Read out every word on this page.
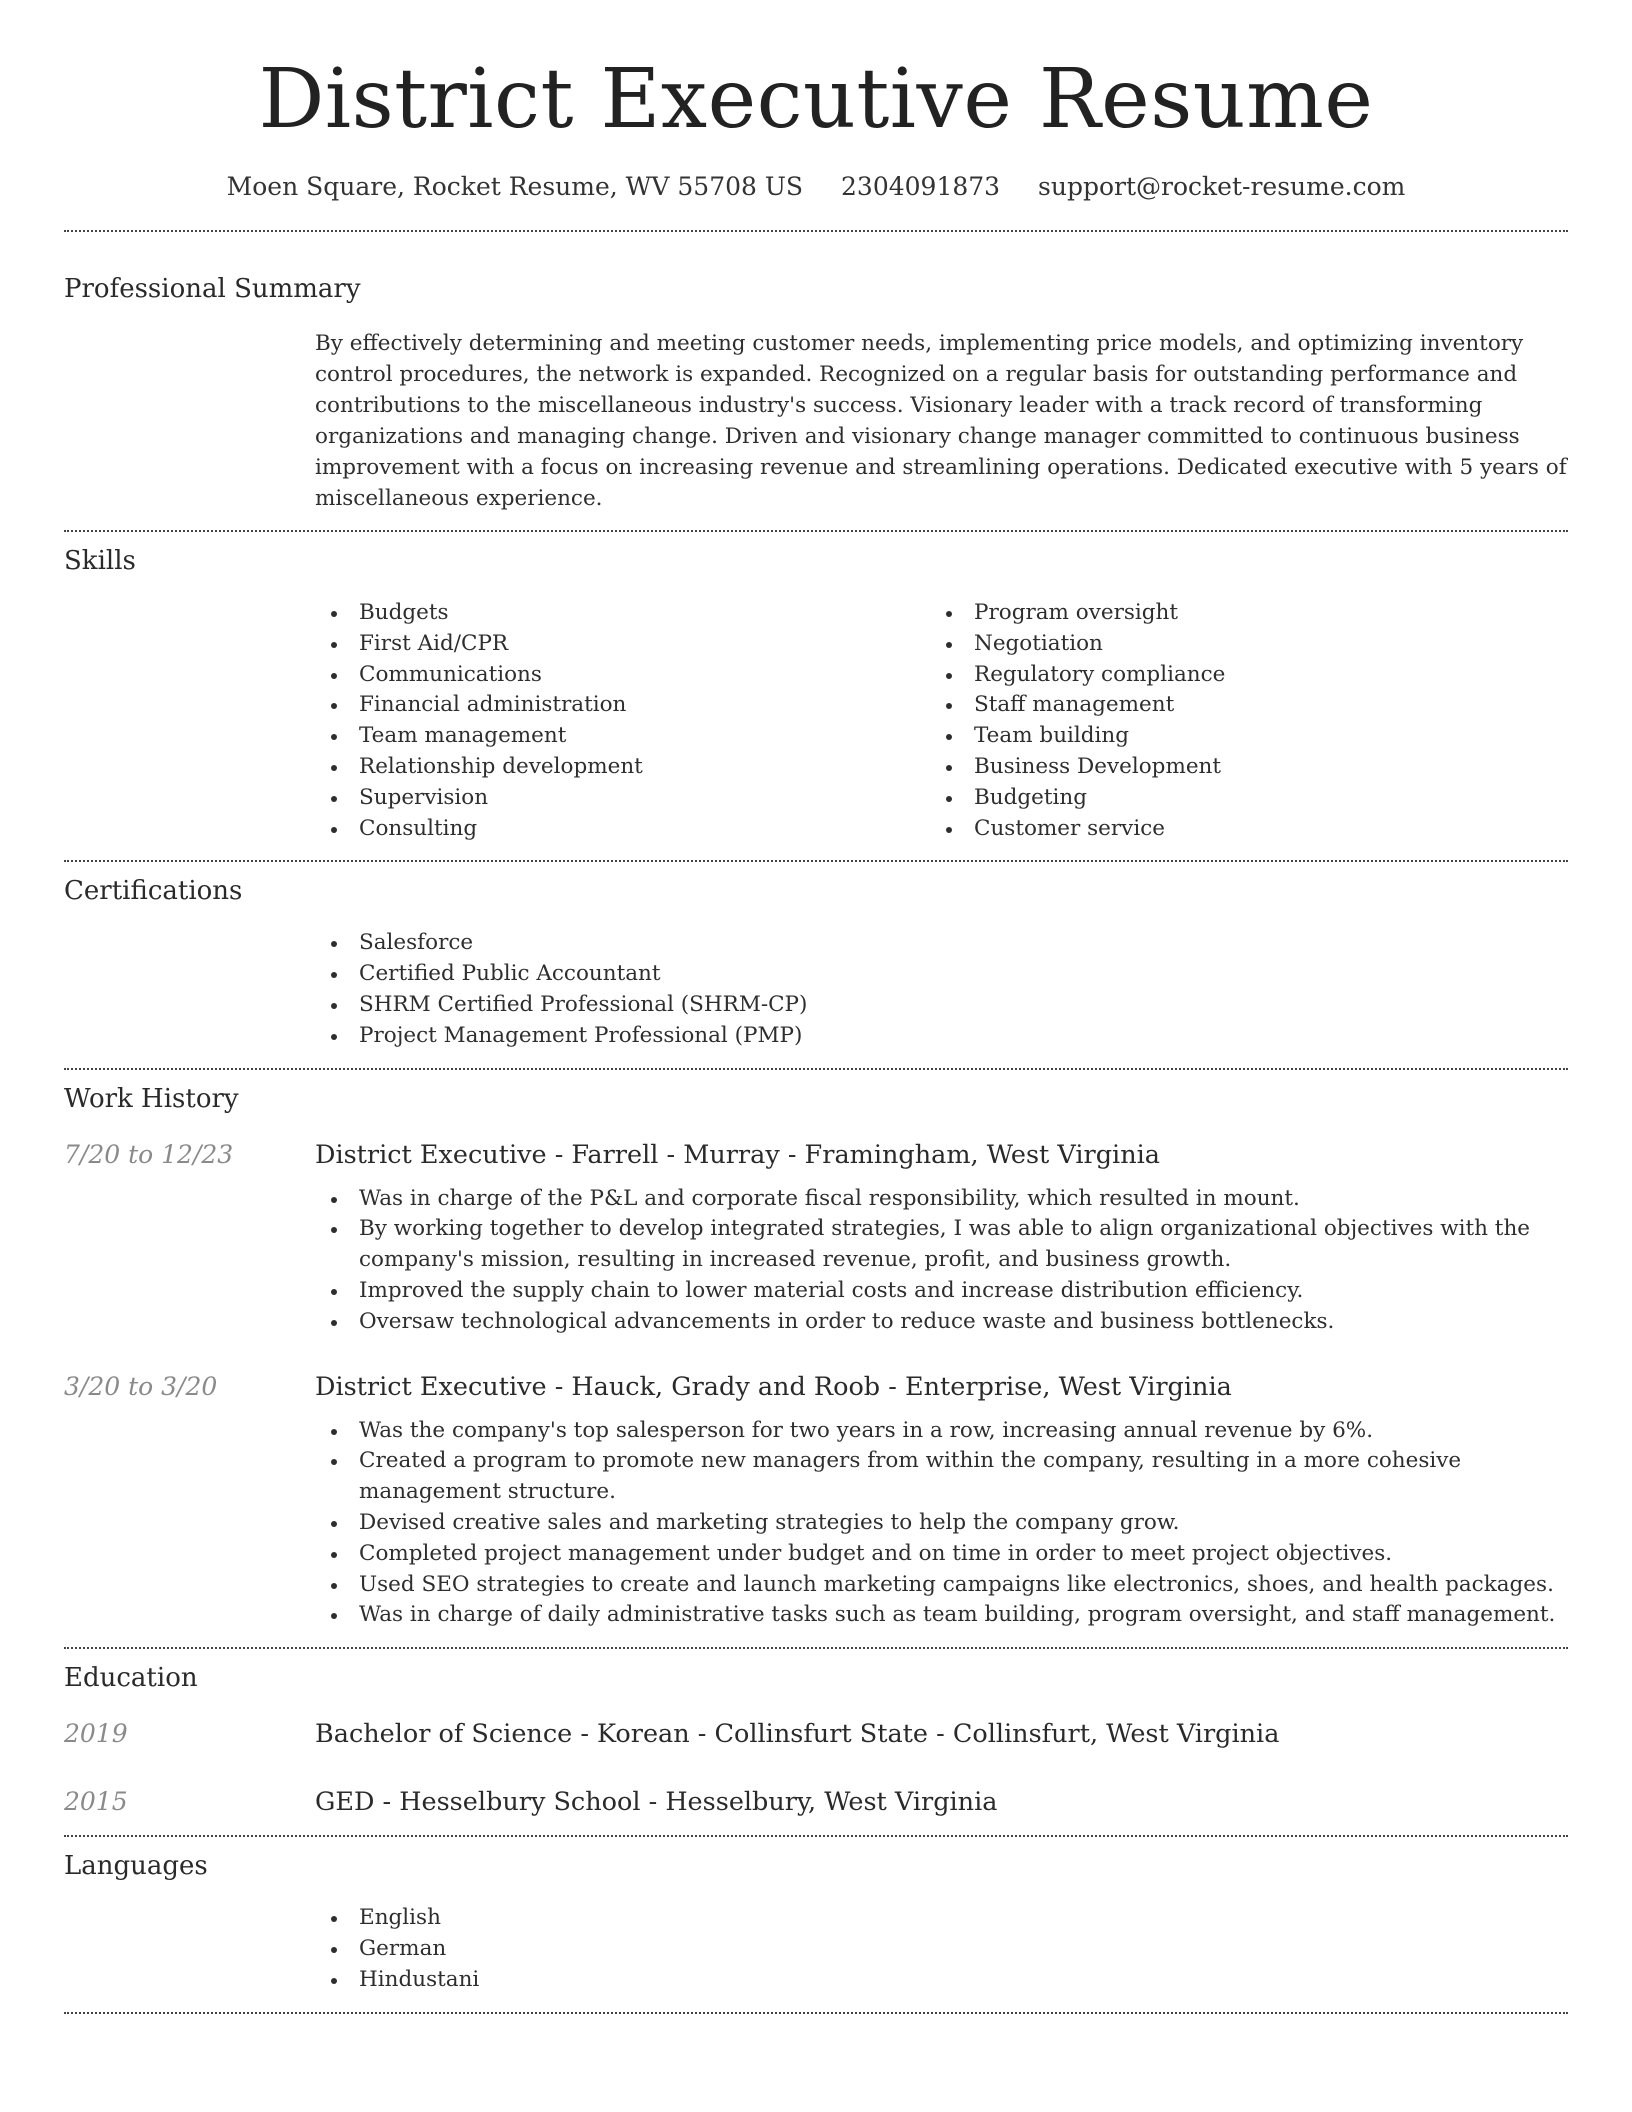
District Executive Resume
Moen Square, Rocket Resume, WV 55708 US 2304091873 support@rocket-resume.com
Professional Summary

By effectively determining and meeting customer needs, implementing price models, and optimizing inventory control procedures, the network is expanded. Recognized on a regular basis for outstanding performance and contributions to the miscellaneous industry's success. Visionary leader with a track record of transforming organizations and managing change. Driven and visionary change manager committed to continuous business improvement with a focus on increasing revenue and streamlining operations. Dedicated executive with 5 years of miscellaneous experience.

Skills
Budgets
First Aid/CPR
Communications
Financial administration
Team management
Relationship development
Supervision
Consulting
Program oversight
Negotiation
Regulatory compliance
Staff management
Team building
Business Development
Budgeting
Customer service
Certifications
Salesforce
Certified Public Accountant
SHRM Certified Professional (SHRM-CP)
Project Management Professional (PMP)
Work History
7/20 to 12/23	District Executive - Farrell - Murray - Framingham, West Virginia
Was in charge of the P&L and corporate fiscal responsibility, which resulted in mount.
By working together to develop integrated strategies, I was able to align organizational objectives with the company's mission, resulting in increased revenue, profit, and business growth.
Improved the supply chain to lower material costs and increase distribution efficiency.
Oversaw technological advancements in order to reduce waste and business bottlenecks.
3/20 to 3/20	District Executive - Hauck, Grady and Roob - Enterprise, West Virginia
Was the company's top salesperson for two years in a row, increasing annual revenue by 6%.
Created a program to promote new managers from within the company, resulting in a more cohesive management structure.
Devised creative sales and marketing strategies to help the company grow.
Completed project management under budget and on time in order to meet project objectives.
Used SEO strategies to create and launch marketing campaigns like electronics, shoes, and health packages.
Was in charge of daily administrative tasks such as team building, program oversight, and staff management.
Education
2019	Bachelor of Science - Korean - Collinsfurt State - Collinsfurt, West Virginia
2015	GED - Hesselbury School - Hesselbury, West Virginia
Languages
English
German
Hindustani
